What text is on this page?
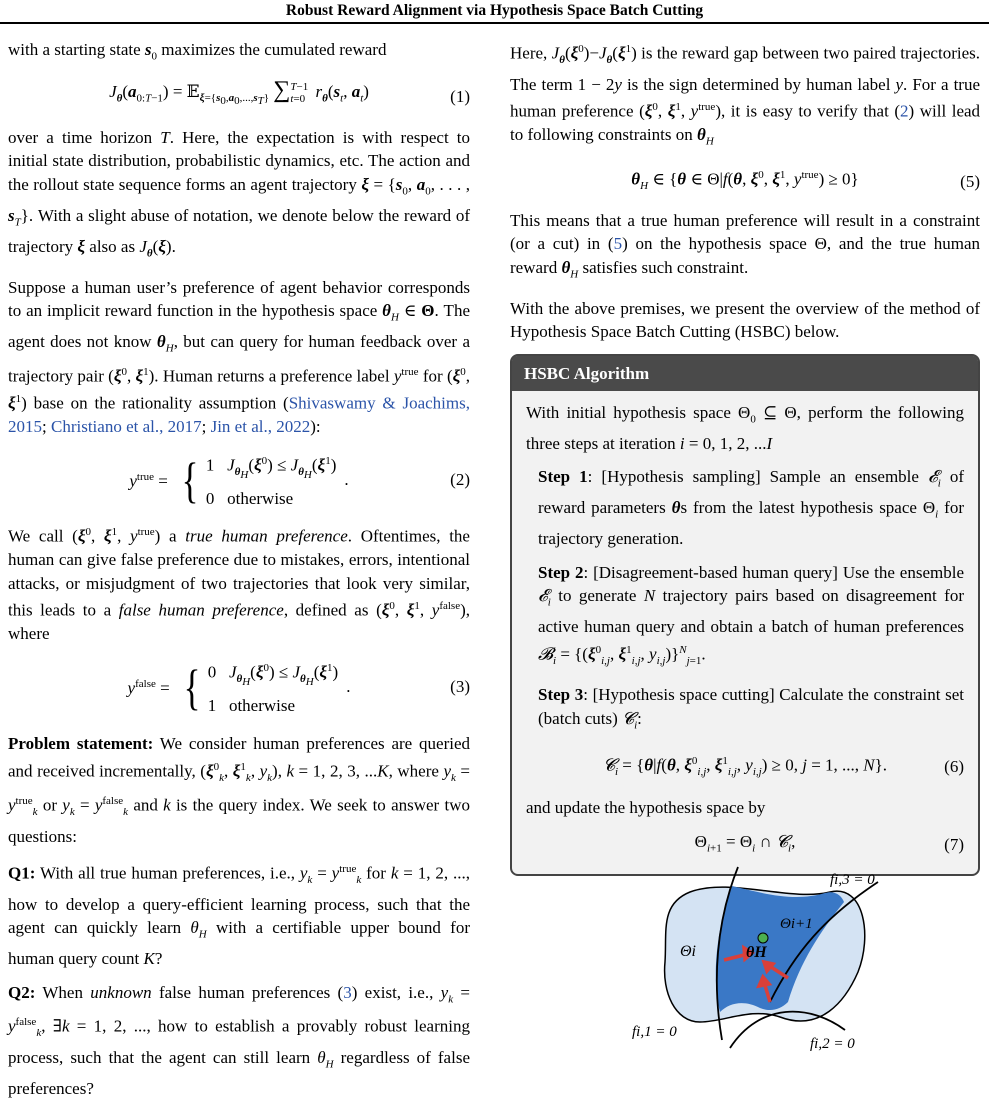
Robust Reward Alignment via Hypothesis Space Batch Cutting

with a starting state $s_0$ maximizes the cumulated reward

$J_\theta(a_{0:T-1})$ = 𝔼$_{\xi=\{s_0,a_0,...,s_T\}}$ ∑ T−1
t=0 $r_\theta(s_t$, $a_t$)	(1)

over a time horizon T. Here, the expectation is with respect to initial state distribution, probabilistic dynamics, etc. The action and the rollout state sequence forms an agent trajectory $\xi = \{s_0$, $a_0$, . . . , $s_T$}. With a slight abuse of notation, we denote below the reward of trajectory ξ also as $J_\theta(\xi)$.

Suppose a human user’s preference of agent behavior corresponds to an implicit reward function in the hypothesis space $\theta_H$ ∈ Θ. The agent does not know $\theta_H$, but can query for human feedback over a trajectory pair ($\xi^0$, $\xi^1$). Human returns a preference label $y^{true}$ for ($\xi^0$, $\xi^1$) base on the rationality assumption (Shivaswamy & Joachims, 2015; Christiano et al., 2017; Jin et al., 2022):

$y^{true}$ = { 1   $J_{\theta_H}(\xi^0) \le J_{\theta_H}(\xi^1)$
0   otherwise
.	(2)

We call ($\xi^0$, $\xi^1$, $y^{true}$) a true human preference. Oftentimes, the human can give false preference due to mistakes, errors, intentional attacks, or misjudgment of two trajectories that look very similar, this leads to a false human preference, defined as ($\xi^0$, $\xi^1$, $y^{false}$), where

$y^{false}$ = { 0   $J_{\theta_H}(\xi^0) \le J_{\theta_H}(\xi^1)$
1   otherwise
.	(3)

Problem statement: We consider human preferences are queried and received incrementally, ($\xi^0_k$, $\xi^1_k$, $y_k$), k = 1, 2, 3, ...K, where $y_k = y^{true}_k$ or $y_k = y^{false}_k$ and k is the query index. We seek to answer two questions:

Q1: With all true human preferences, i.e., $y_k = y^{true}_k$ for k = 1, 2, ..., how to develop a query-efficient learning process, such that the agent can quickly learn $\theta_H$ with a certifiable upper bound for human query count K?

Q2: When unknown false human preferences (3) exist, i.e., $y_k = y^{false}_k$, ∃k = 1, 2, ..., how to establish a provably robust learning process, such that the agent can still learn $\theta_H$ regardless of false preferences?

Here, $J_\theta(\xi^0)-J_\theta(\xi^1)$ is the reward gap between two paired trajectories. The term 1 − 2y is the sign determined by human label y. For a true human preference ($\xi^0$, $\xi^1$, $y^{true}$), it is easy to verify that (2) will lead to following constraints on $\theta_H$

$\theta_H$ ∈ {θ ∈ Θ|f(θ, $\xi^0$, $\xi^1$, $y^{true}) \ge 0$}	(5)

This means that a true human preference will result in a constraint (or a cut) in (5) on the hypothesis space Θ, and the true human reward $\theta_H$ satisfies such constraint.

With the above premises, we present the overview of the method of Hypothesis Space Batch Cutting (HSBC) below.

HSBC Algorithm

With initial hypothesis space $\Theta_0$ ⊆ Θ, perform the following three steps at iteration i = 0, 1, 2, ...I

Step 1: [Hypothesis sampling] Sample an ensemble 𝓔$_i$ of reward parameters θs from the latest hypothesis space $\Theta_i$ for trajectory generation.

Step 2: [Disagreement-based human query] Use the ensemble 𝓔$_i$ to generate N trajectory pairs based on disagreement for active human query and obtain a batch of human preferences 𝓑$_i$ = {($\xi^0_{i,j}$, $\xi^1_{i,j}$, $y_{i,j})\}^N_{j=1}$.

Step 3: [Hypothesis space cutting] Calculate the constraint set (batch cuts) 𝓒$_i$:

𝓒$_i$ = {θ|f(θ, $\xi^0_{i,j}$, $\xi^1_{i,j}$, $y_{i,j}) \ge 0$, j = 1, ..., N}.	(6)

and update the hypothesis space by

$\Theta_{i+1} = \Theta_i$ ∩ 𝓒$_i$,	(7)
Θi
Θi+1
θH
fi,1 = 0
fi,2 = 0
fi,3 = 0
